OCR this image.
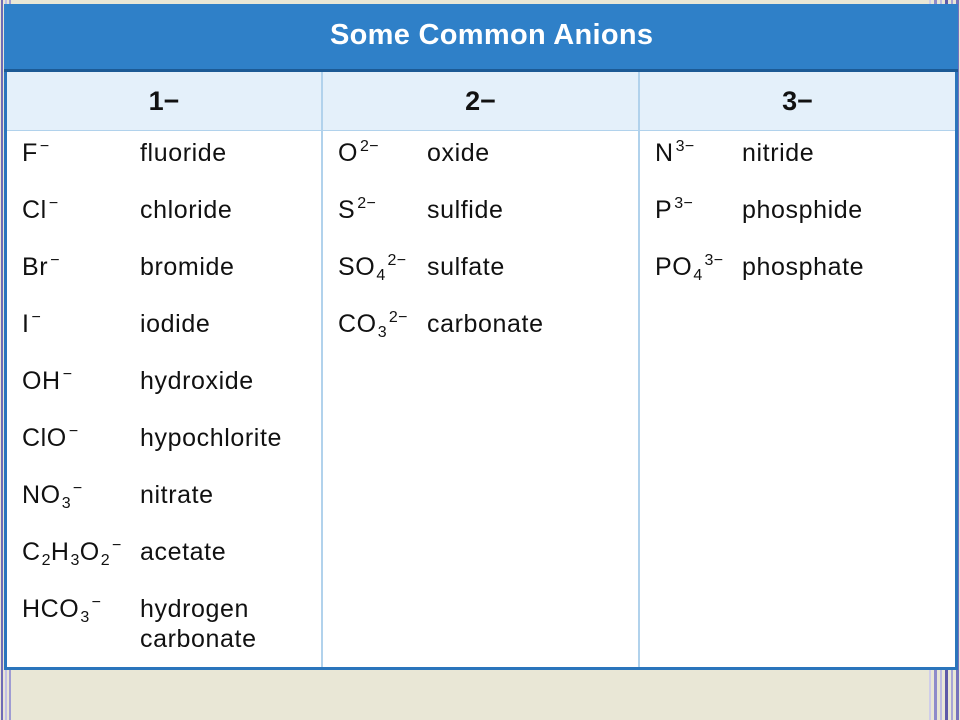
Some Common Anions
1−
F −	fluoride
Cl −	chloride
Br −	bromide
I −	iodide
OH −	hydroxide
ClO − hypochlorite
$NO_3^-$ nitrate
$C_2H_3O_2^-$ acetate
$HCO_3^-$ hydrogen carbonate
2−
O $^{2-}$ oxide
S $^{2-}$ sulfide
$SO_4^{2-}$ sulfate
$CO_3^{2-}$ carbonate
3−
N $^{3-}$ nitride
P $^{3-}$ phosphide
$PO_4^{3-}$ phosphate
